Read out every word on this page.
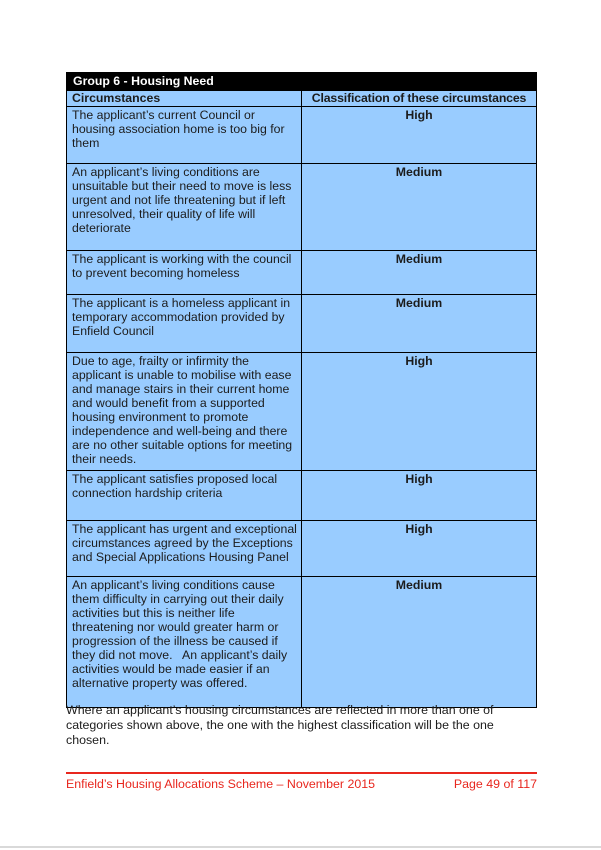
Group 6 - Housing Need	
Circumstances	Classification of these circumstances
The applicant’s current Council or housing association home is too big for them	High
An applicant’s living conditions are unsuitable but their need to move is less urgent and not life threatening but if left unresolved, their quality of life will deteriorate	Medium
The applicant is working with the council to prevent becoming homeless	Medium
The applicant is a homeless applicant in temporary accommodation provided by Enfield Council	Medium
Due to age, frailty or infirmity the applicant is unable to mobilise with ease and manage stairs in their current home and would benefit from a supported housing environment to promote independence and well-being and there are no other suitable options for meeting their needs.	High
The applicant satisfies proposed local connection hardship criteria	High
The applicant has urgent and exceptional circumstances agreed by the Exceptions and Special Applications Housing Panel	High
An applicant’s living conditions cause them difficulty in carrying out their daily activities but this is neither life threatening nor would greater harm or progression of the illness be caused if they did not move.   An applicant’s daily activities would be made easier if an alternative property was offered.	Medium

Where an applicant’s housing circumstances are reflected in more than one of categories shown above, the one with the highest classification will be the one chosen.

Enfield’s Housing Allocations Scheme – November 2015	Page 49 of 117
